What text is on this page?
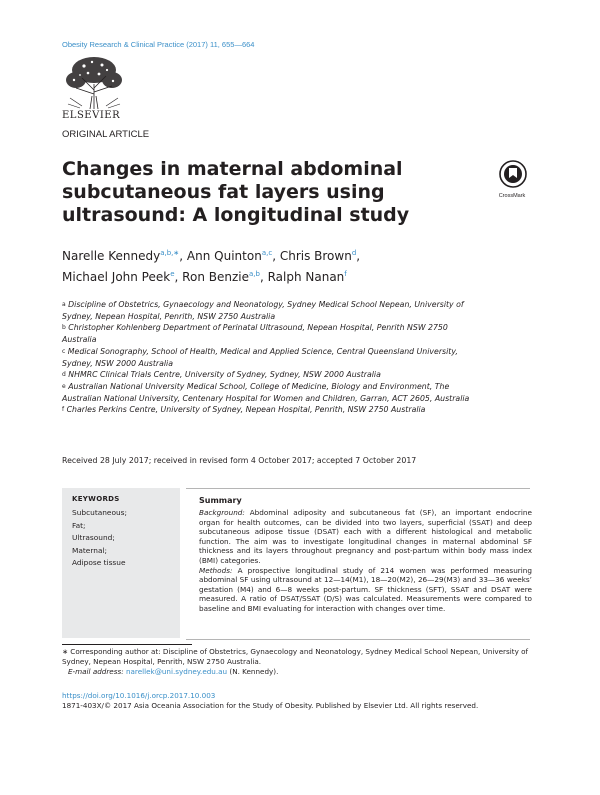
Obesity Research & Clinical Practice (2017) 11, 655—664
ELSEVIER
ORIGINAL ARTICLE
Changes in maternal abdominal subcutaneous fat layers using ultrasound: A longitudinal study
CrossMark
Narelle Kennedy$^{a,b,∗}$, Ann Quinton$^{a,c}$, Chris Brown$^d$,
Michael John Peek$^e$, Ron Benzie$^{a,b}$, Ralph Nanan$^f$
$^a$ Discipline of Obstetrics, Gynaecology and Neonatology, Sydney Medical School Nepean, University of Sydney, Nepean Hospital, Penrith, NSW 2750 Australia
$^b$ Christopher Kohlenberg Department of Perinatal Ultrasound, Nepean Hospital, Penrith NSW 2750 Australia
$^c$ Medical Sonography, School of Health, Medical and Applied Science, Central Queensland University, Sydney, NSW 2000 Australia
$^d$ NHMRC Clinical Trials Centre, University of Sydney, Sydney, NSW 2000 Australia
$^e$ Australian National University Medical School, College of Medicine, Biology and Environment, The Australian National University, Centenary Hospital for Women and Children, Garran, ACT 2605, Australia
$^f$ Charles Perkins Centre, University of Sydney, Nepean Hospital, Penrith, NSW 2750 Australia
Received 28 July 2017; received in revised form 4 October 2017; accepted 7 October 2017
KEYWORDS
Subcutaneous;
Fat;
Ultrasound;
Maternal;
Adipose tissue
Summary
Background: Abdominal adiposity and subcutaneous fat (SF), an important endocrine organ for health outcomes, can be divided into two layers, superficial (SSAT) and deep subcutaneous adipose tissue (DSAT) each with a different histological and metabolic function. The aim was to investigate longitudinal changes in maternal abdominal SF thickness and its layers throughout pregnancy and post-partum within body mass index (BMI) categories.
Methods: A prospective longitudinal study of 214 women was performed measuring abdominal SF using ultrasound at 12—14(M1), 18—20(M2), 26—29(M3) and 33—36 weeks’ gestation (M4) and 6—8 weeks post-partum. SF thickness (SFT), SSAT and DSAT were measured. A ratio of DSAT/SSAT (D/S) was calculated. Measurements were compared to baseline and BMI evaluating for interaction with changes over time.
∗ Corresponding author at: Discipline of Obstetrics, Gynaecology and Neonatology, Sydney Medical School Nepean, University of Sydney, Nepean Hospital, Penrith, NSW 2750 Australia.
E-mail address: narellek@uni.sydney.edu.au (N. Kennedy).
https://doi.org/10.1016/j.orcp.2017.10.003
1871-403X/© 2017 Asia Oceania Association for the Study of Obesity. Published by Elsevier Ltd. All rights reserved.
